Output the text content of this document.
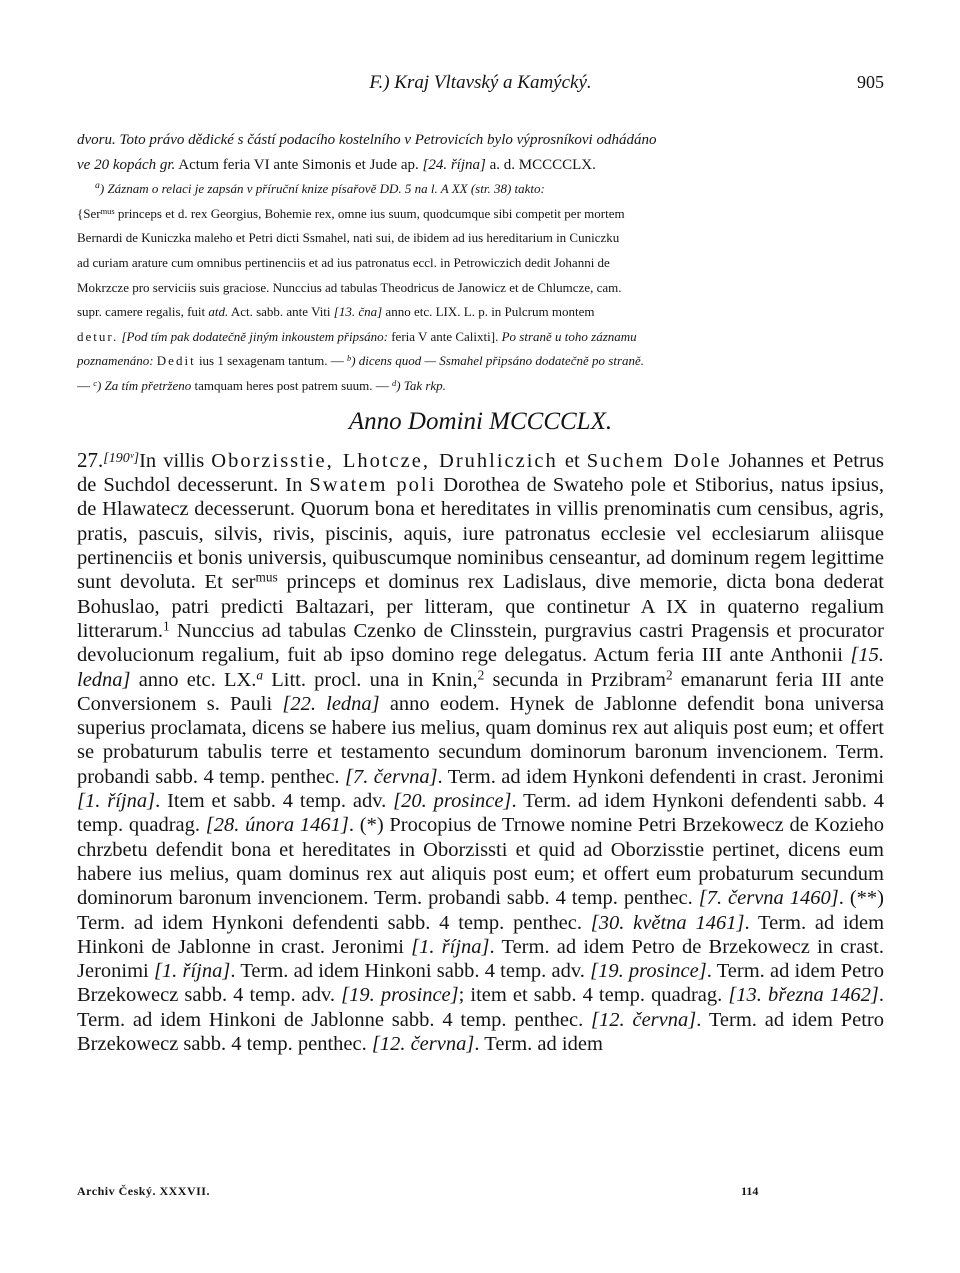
F.) Kraj Vltavský a Kamýcký.	905

dvoru. Toto právo dědické s částí podacího kostelního v Petrovicích bylo výprosníkovi odhádáno

ve 20 kopách gr. Actum feria VI ante Simonis et Jude ap. [24. října] a. d. MCCCCLX.

$^a$) Záznam o relaci je zapsán v příruční knize písařově DD. 5 na l. A XX (str. 38) takto:

{Ser$^{mus}$ princeps et d. rex Georgius, Bohemie rex, omne ius suum, quodcumque sibi competit per mortem

Bernardi de Kuniczka maleho et Petri dicti Ssmahel, nati sui, de ibidem ad ius hereditarium in Cuniczku

ad curiam arature cum omnibus pertinenciis et ad ius patronatus eccl. in Petrowiczich dedit Johanni de

Mokrzcze pro serviciis suis graciose. Nunccius ad tabulas Theodricus de Janowicz et de Chlumcze, cam.

supr. camere regalis, fuit atd. Act. sabb. ante Viti [13. čna] anno etc. LIX. L. p. in Pulcrum montem

detur. [Pod tím pak dodatečně jiným inkoustem připsáno: feria V ante Calixti]. Po straně u toho záznamu

poznamenáno: Dedit ius 1 sexagenam tantum. — $^b$) dicens quod — Ssmahel připsáno dodatečně po straně.

— $^c$) Za tím přetrženo tamquam heres post patrem suum. — $^d$) Tak rkp.

Anno Domini MCCCCLX.

27.[190ᵛ]In villis Oborzisstie, Lhotcze, Druhliczich et Suchem Dole Johannes et Petrus de Suchdol decesserunt. In Swatem poli Dorothea de Swateho pole et Stiborius, natus ipsius, de Hlawatecz decesserunt. Quorum bona et hereditates in villis prenominatis cum censibus, agris, pratis, pascuis, silvis, rivis, piscinis, aquis, iure patronatus ecclesie vel ecclesiarum aliisque pertinenciis et bonis universis, quibuscumque nominibus censeantur, ad dominum regem legittime sunt devoluta. Et ser$^{mus}$ princeps et dominus rex Ladislaus, dive memorie, dicta bona dederat Bohuslao, patri predicti Baltazari, per litteram, que continetur A IX in quaterno regalium litterarum.$^1$ Nunccius ad tabulas Czenko de Clinsstein, purgravius castri Pragensis et procurator devolucionum regalium, fuit ab ipso domino rege delegatus. Actum feria III ante Anthonii [15. ledna] anno etc. LX.$^a$ Litt. procl. una in Knin,$^2$ secunda in Przibram$^2$ emanarunt feria III ante Conversionem s. Pauli [22. ledna] anno eodem. Hynek de Jablonne defendit bona universa superius proclamata, dicens se habere ius melius, quam dominus rex aut aliquis post eum; et offert se probaturum tabulis terre et testamento secundum dominorum baronum invencionem. Term. probandi sabb. 4 temp. penthec. [7. června]. Term. ad idem Hynkoni defendenti in crast. Jeronimi [1. října]. Item et sabb. 4 temp. adv. [20. prosince]. Term. ad idem Hynkoni defendenti sabb. 4 temp. quadrag. [28. února 1461]. (*) Procopius de Trnowe nomine Petri Brzekowecz de Kozieho chrzbetu defendit bona et hereditates in Oborzissti et quid ad Oborzisstie pertinet, dicens eum habere ius melius, quam dominus rex aut aliquis post eum; et offert eum probaturum secundum dominorum baronum invencionem. Term. probandi sabb. 4 temp. penthec. [7. června 1460]. (**) Term. ad idem Hynkoni defendenti sabb. 4 temp. penthec. [30. května 1461]. Term. ad idem Hinkoni de Jablonne in crast. Jeronimi [1. října]. Term. ad idem Petro de Brzekowecz in crast. Jeronimi [1. října]. Term. ad idem Hinkoni sabb. 4 temp. adv. [19. prosince]. Term. ad idem Petro Brzekowecz sabb. 4 temp. adv. [19. prosince]; item et sabb. 4 temp. quadrag. [13. března 1462]. Term. ad idem Hinkoni de Jablonne sabb. 4 temp. penthec. [12. června]. Term. ad idem Petro Brzekowecz sabb. 4 temp. penthec. [12. června]. Term. ad idem

Archiv Český. XXXVII.	114
